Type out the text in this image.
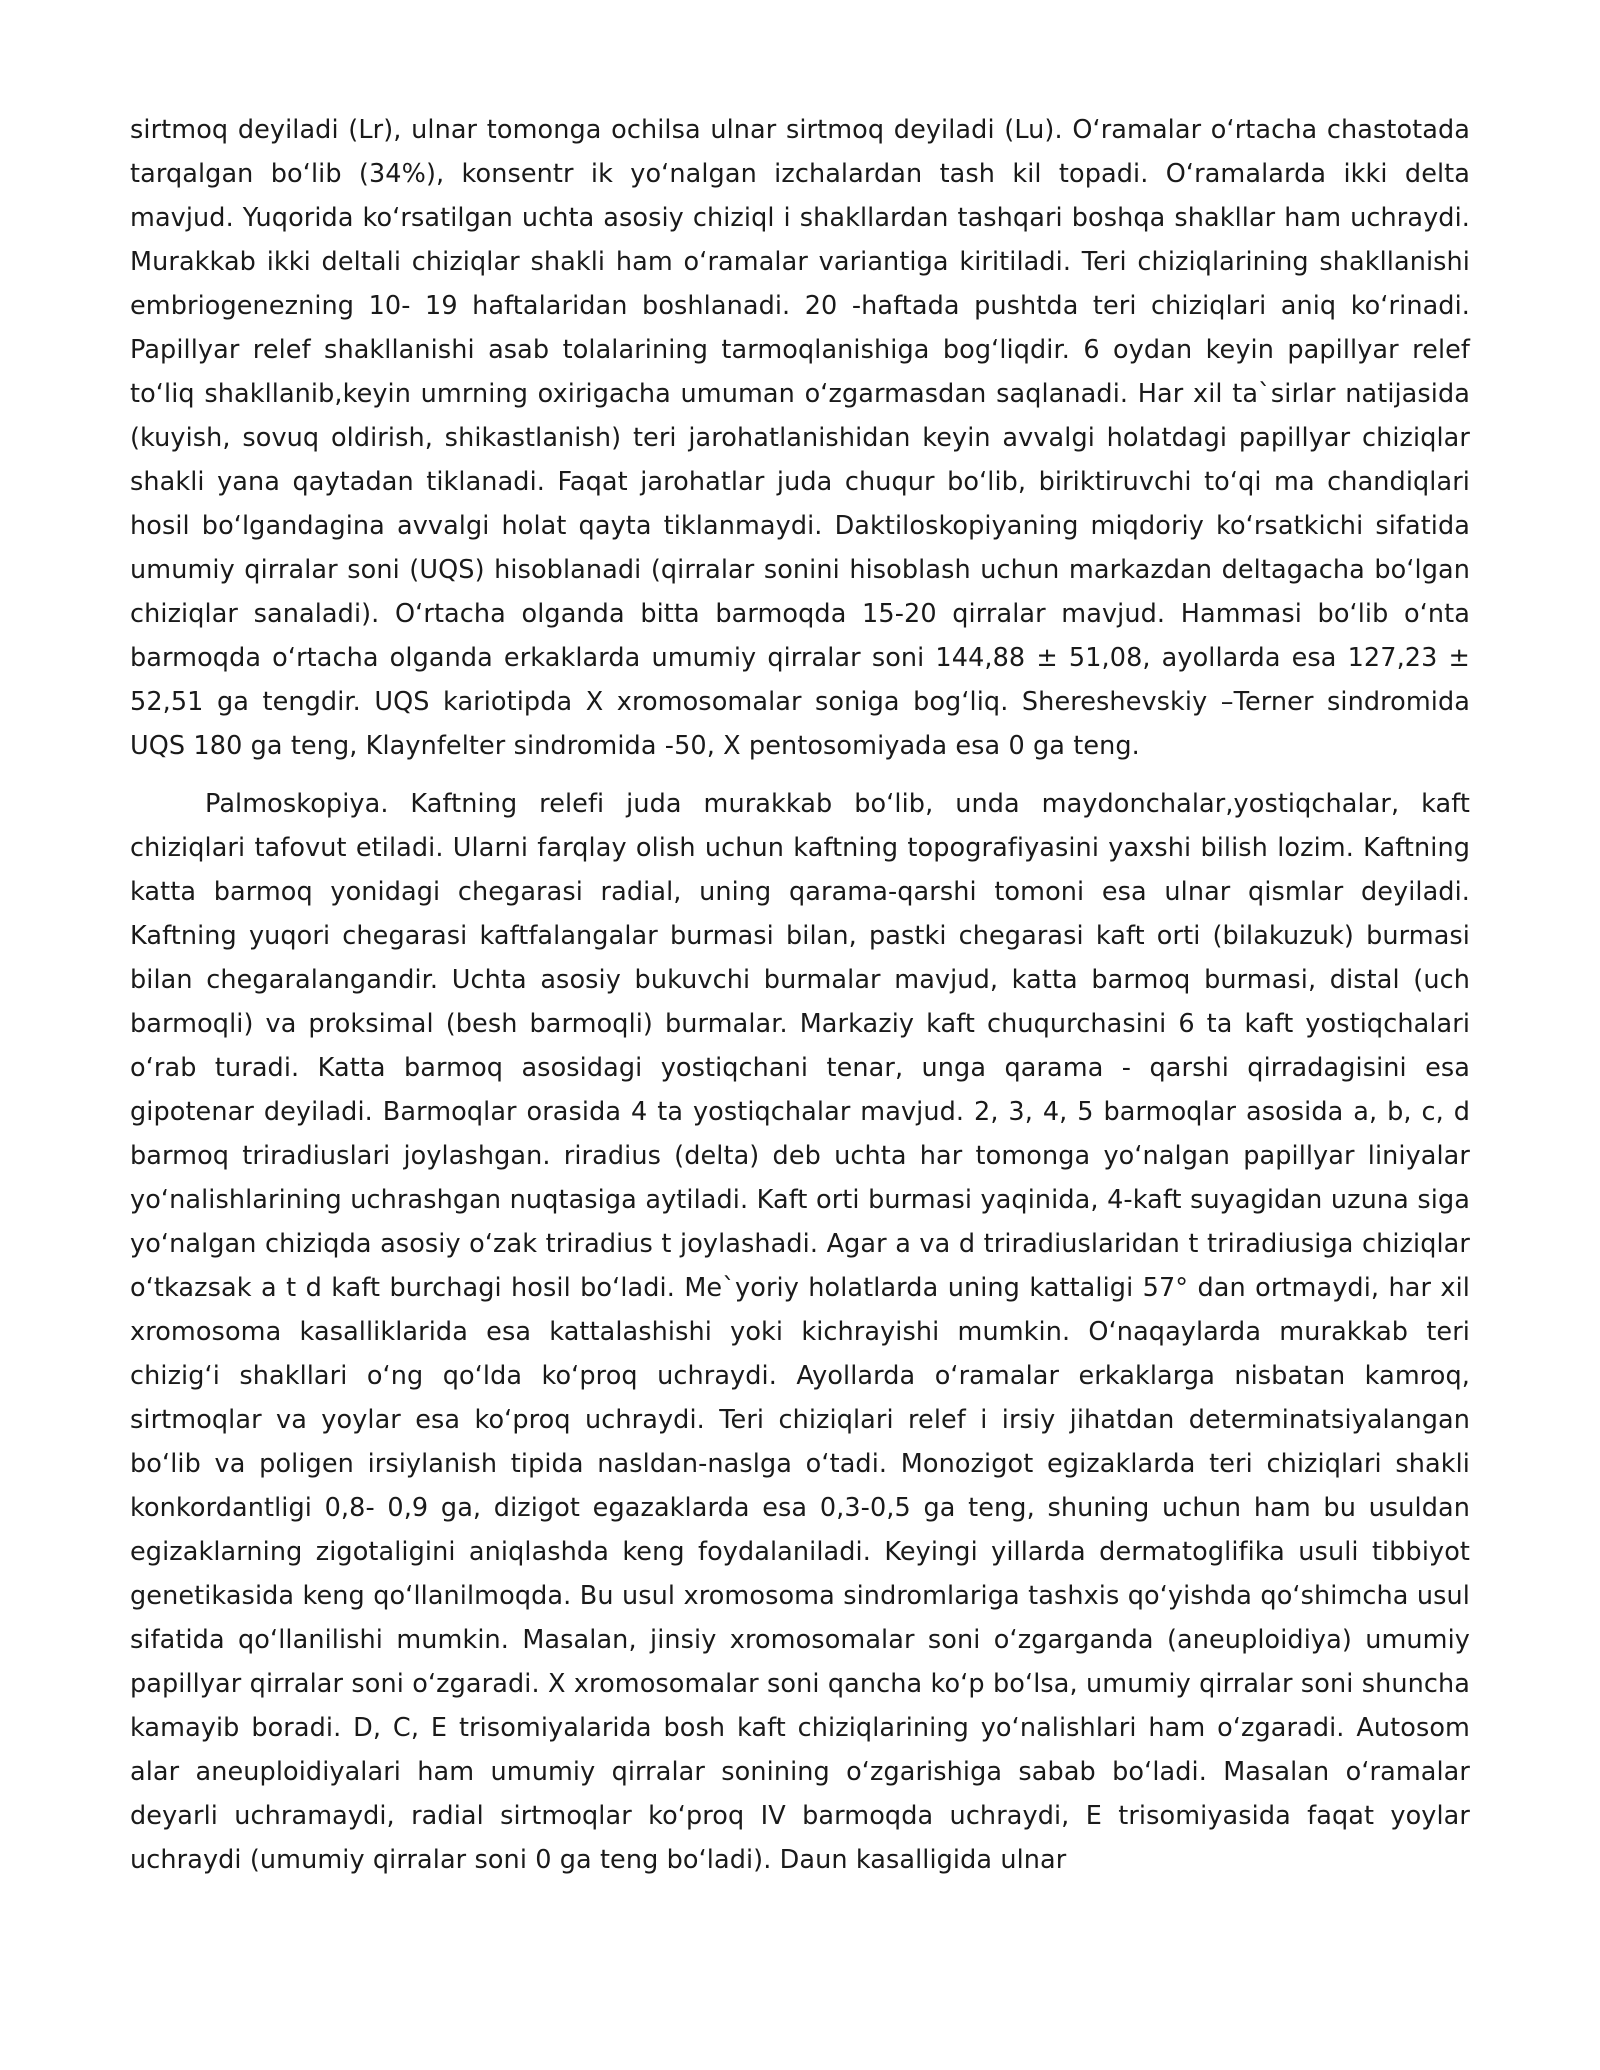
sirtmoq deyiladi (Lr), ulnar tomonga ochilsa ulnar sirtmoq deyiladi (Lu). O‘ramalar o‘rtacha chastotada tarqalgan bo‘lib (34%), konsentr ik yo‘nalgan izchalardan tash kil topadi. O‘ramalarda ikki delta mavjud. Yuqorida ko‘rsatilgan uchta asosiy chiziql i shakllardan tashqari boshqa shakllar ham uchraydi. Murakkab ikki deltali chiziqlar shakli ham o‘ramalar variantiga kiritiladi. Teri chiziqlarining shakllanishi embriogenezning 10- 19 haftalaridan boshlanadi. 20 -haftada pushtda teri chiziqlari aniq ko‘rinadi. Papillyar relef shakllanishi asab tolalarining tarmoqlanishiga bog‘liqdir. 6 oydan keyin papillyar relef to‘liq shakllanib,keyin umrning oxirigacha umuman o‘zgarmasdan saqlanadi. Har xil ta`sirlar natijasida (kuyish, sovuq oldirish, shikastlanish) teri jarohatlanishidan keyin avvalgi holatdagi papillyar chiziqlar shakli yana qaytadan tiklanadi. Faqat jarohatlar juda chuqur bo‘lib, biriktiruvchi to‘qi ma chandiqlari hosil bo‘lgandagina avvalgi holat qayta tiklanmaydi. Daktiloskopiyaning miqdoriy ko‘rsatkichi sifatida umumiy qirralar soni (UQS) hisoblanadi (qirralar sonini hisoblash uchun markazdan deltagacha bo‘lgan chiziqlar sanaladi). O‘rtacha olganda bitta barmoqda 15-20 qirralar mavjud. Hammasi bo‘lib o‘nta barmoqda o‘rtacha olganda erkaklarda umumiy qirralar soni 144,88 ± 51,08, ayollarda esa 127,23 ± 52,51 ga tengdir. UQS kariotipda X xromosomalar soniga bog‘liq. Shereshevskiy –Terner sindromida UQS 180 ga teng, Klaynfelter sindromida -50, X pentosomiyada esa 0 ga teng.

Palmoskopiya. Kaftning relefi juda murakkab bo‘lib, unda maydonchalar,yostiqchalar, kaft chiziqlari tafovut etiladi. Ularni farqlay olish uchun kaftning topografiyasini yaxshi bilish lozim. Kaftning katta barmoq yonidagi chegarasi radial, uning qarama-qarshi tomoni esa ulnar qismlar deyiladi. Kaftning yuqori chegarasi kaftfalangalar burmasi bilan, pastki chegarasi kaft orti (bilakuzuk) burmasi bilan chegaralangandir. Uchta asosiy bukuvchi burmalar mavjud, katta barmoq burmasi, distal (uch barmoqli) va proksimal (besh barmoqli) burmalar. Markaziy kaft chuqurchasini 6 ta kaft yostiqchalari o‘rab turadi. Katta barmoq asosidagi yostiqchani tenar, unga qarama - qarshi qirradagisini esa gipotenar deyiladi. Barmoqlar orasida 4 ta yostiqchalar mavjud. 2, 3, 4, 5 barmoqlar asosida a, b, c, d barmoq triradiuslari joylashgan. riradius (delta) deb uchta har tomonga yo‘nalgan papillyar liniyalar yo‘nalishlarining uchrashgan nuqtasiga aytiladi. Kaft orti burmasi yaqinida, 4-kaft suyagidan uzuna siga yo‘nalgan chiziqda asosiy o‘zak triradius t joylashadi. Agar a va d triradiuslaridan t triradiusiga chiziqlar o‘tkazsak a t d kaft burchagi hosil bo‘ladi. Me`yoriy holatlarda uning kattaligi 57° dan ortmaydi, har xil xromosoma kasalliklarida esa kattalashishi yoki kichrayishi mumkin. O‘naqaylarda murakkab teri chizig‘i shakllari o‘ng qo‘lda ko‘proq uchraydi. Ayollarda o‘ramalar erkaklarga nisbatan kamroq, sirtmoqlar va yoylar esa ko‘proq uchraydi. Teri chiziqlari relef i irsiy jihatdan determinatsiyalangan bo‘lib va poligen irsiylanish tipida nasldan-naslga o‘tadi. Monozigot egizaklarda teri chiziqlari shakli konkordantligi 0,8- 0,9 ga, dizigot egazaklarda esa 0,3-0,5 ga teng, shuning uchun ham bu usuldan egizaklarning zigotaligini aniqlashda keng foydalaniladi. Keyingi yillarda dermatoglifika usuli tibbiyot genetikasida keng qo‘llanilmoqda. Bu usul xromosoma sindromlariga tashxis qo‘yishda qo‘shimcha usul sifatida qo‘llanilishi mumkin. Masalan, jinsiy xromosomalar soni o‘zgarganda (aneuploidiya) umumiy papillyar qirralar soni o‘zgaradi. X xromosomalar soni qancha ko‘p bo‘lsa, umumiy qirralar soni shuncha kamayib boradi. D, C, E trisomiyalarida bosh kaft chiziqlarining yo‘nalishlari ham o‘zgaradi. Autosom alar aneuploidiyalari ham umumiy qirralar sonining o‘zgarishiga sabab bo‘ladi. Masalan o‘ramalar deyarli uchramaydi, radial sirtmoqlar ko‘proq IV barmoqda uchraydi, E trisomiyasida faqat yoylar uchraydi (umumiy qirralar soni 0 ga teng bo‘ladi). Daun kasalligida ulnar
